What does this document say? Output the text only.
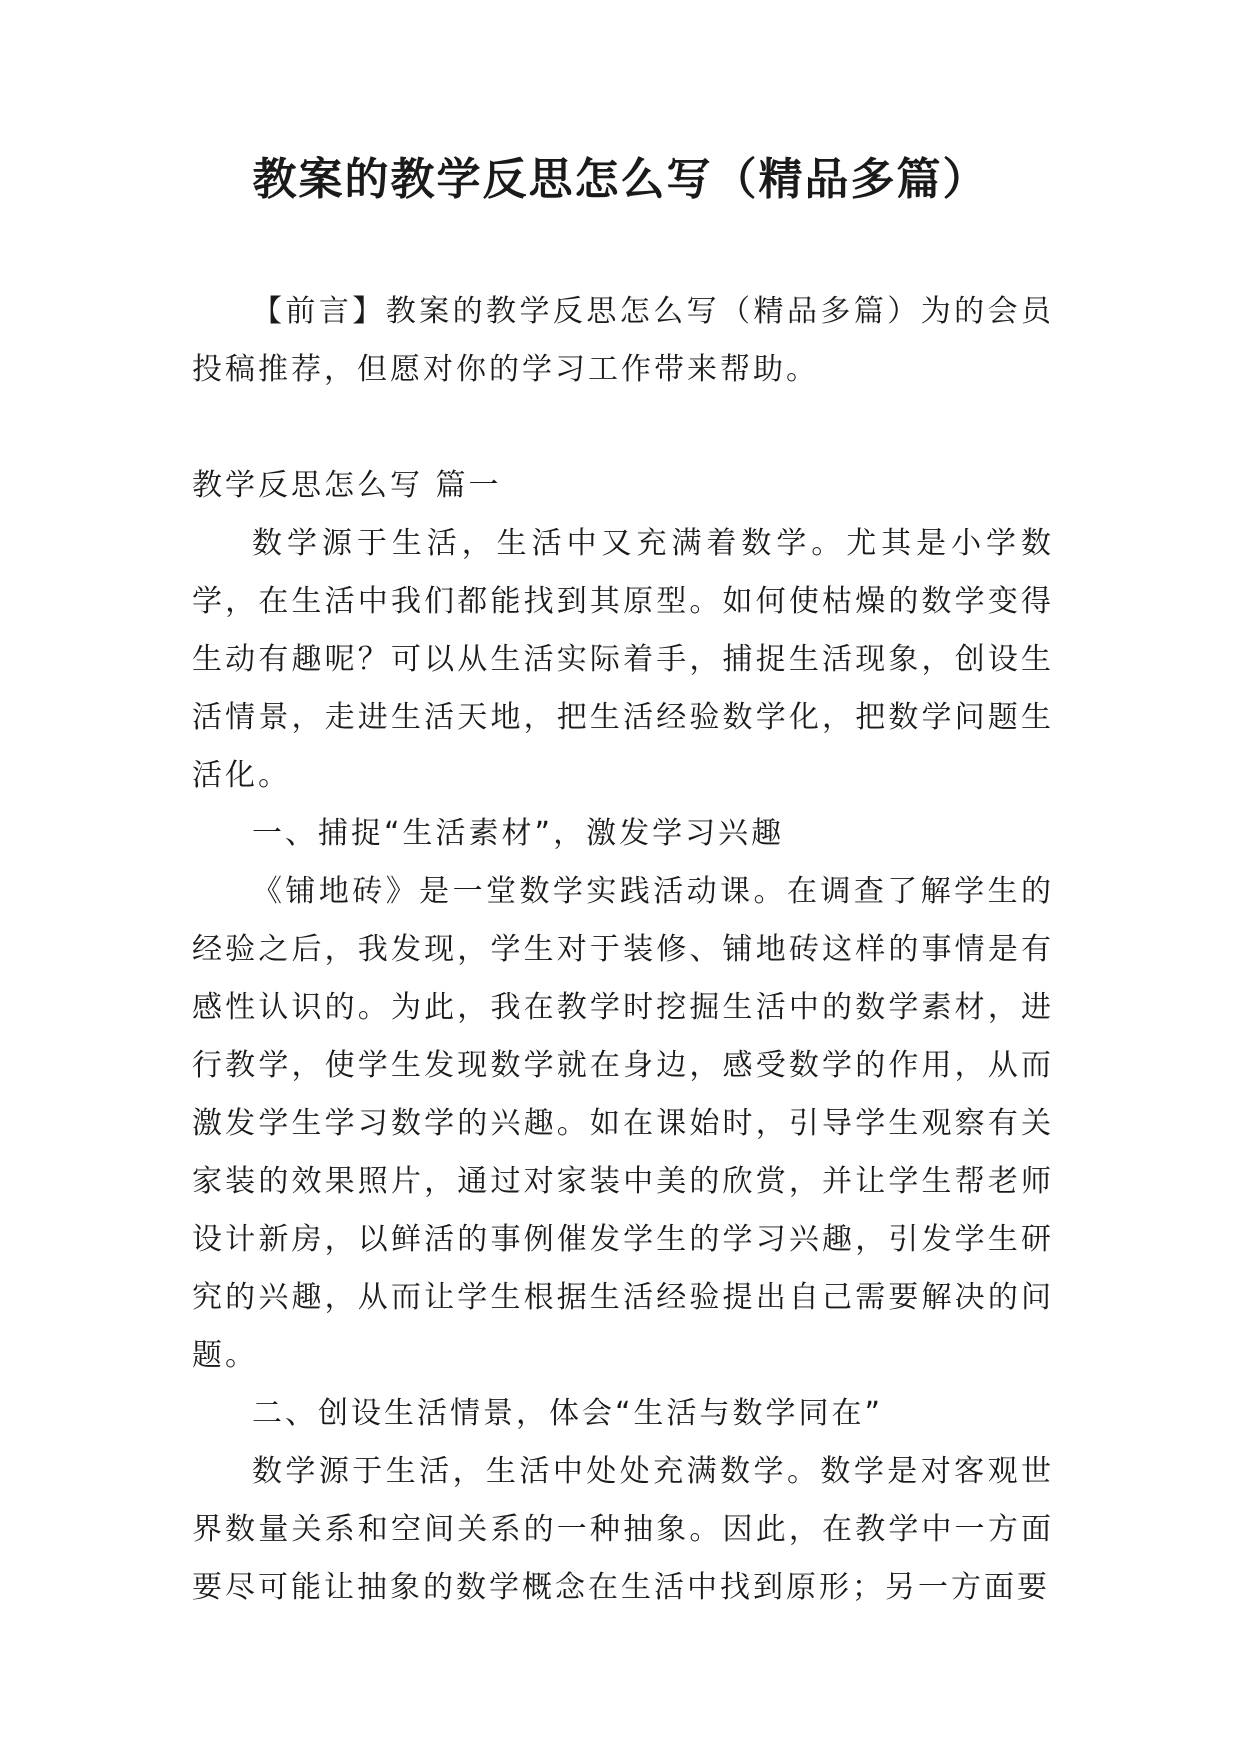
教案的教学反思怎么写（精品多篇）

【前言】教案的教学反思怎么写（精品多篇）为的会员投稿推荐，但愿对你的学习工作带来帮助。

教学反思怎么写 篇一

数学源于生活，生活中又充满着数学。尤其是小学数学，在生活中我们都能找到其原型。如何使枯燥的数学变得生动有趣呢？可以从生活实际着手，捕捉生活现象，创设生活情景，走进生活天地，把生活经验数学化，把数学问题生活化。

一、捕捉“生活素材”，激发学习兴趣

《铺地砖》是一堂数学实践活动课。在调查了解学生的经验之后，我发现，学生对于装修、铺地砖这样的事情是有感性认识的。为此，我在教学时挖掘生活中的数学素材，进行教学，使学生发现数学就在身边，感受数学的作用，从而激发学生学习数学的兴趣。如在课始时，引导学生观察有关家装的效果照片，通过对家装中美的欣赏，并让学生帮老师设计新房，以鲜活的事例催发学生的学习兴趣，引发学生研究的兴趣，从而让学生根据生活经验提出自己需要解决的问题。

二、创设生活情景，体会“生活与数学同在”

数学源于生活，生活中处处充满数学。数学是对客观世界数量关系和空间关系的一种抽象。因此，在教学中一方面要尽可能让抽象的数学概念在生活中找到原形；另一方面要
